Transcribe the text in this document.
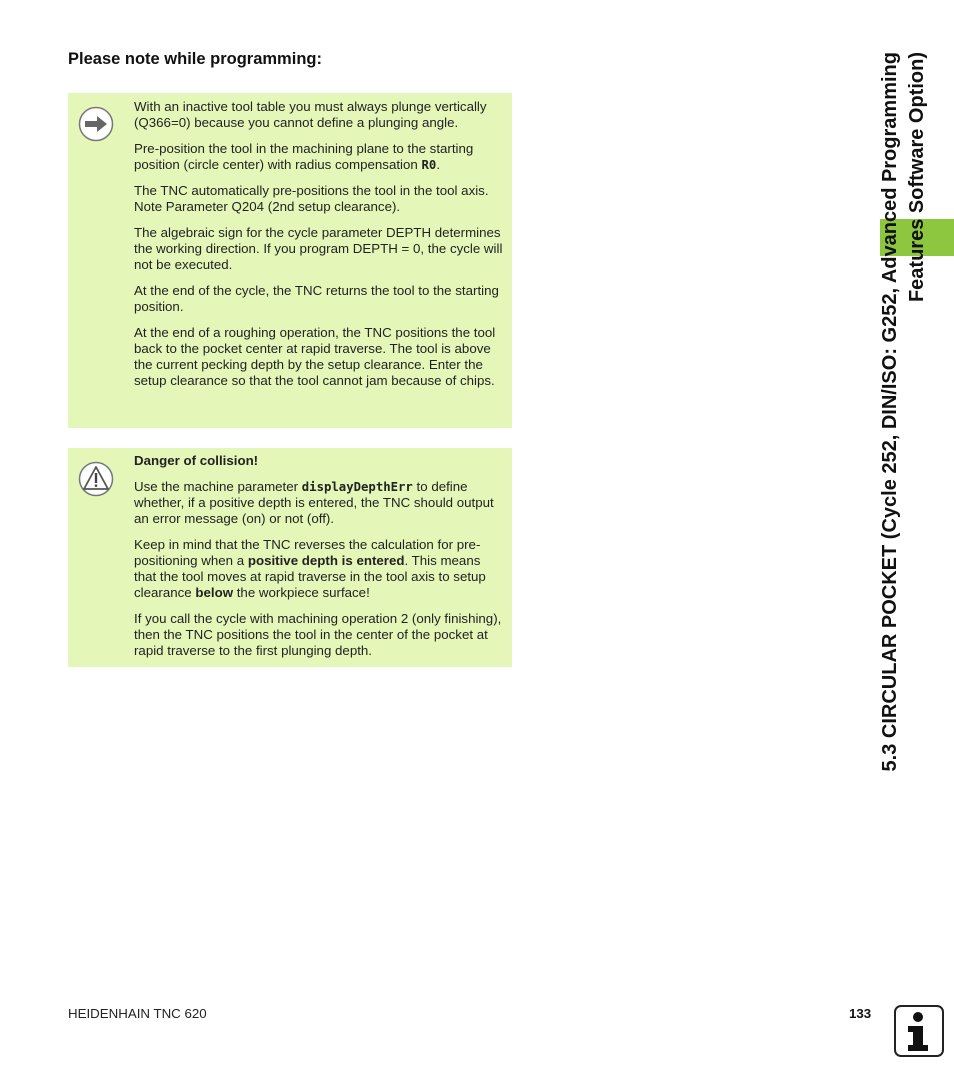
Please note while programming:

With an inactive tool table you must always plunge vertically (Q366=0) because you cannot define a plunging angle.

Pre-position the tool in the machining plane to the starting position (circle center) with radius compensation R0.

The TNC automatically pre-positions the tool in the tool axis. Note Parameter Q204 (2nd setup clearance).

The algebraic sign for the cycle parameter DEPTH determines the working direction. If you program DEPTH = 0, the cycle will not be executed.

At the end of the cycle, the TNC returns the tool to the starting position.

At the end of a roughing operation, the TNC positions the tool back to the pocket center at rapid traverse. The tool is above the current pecking depth by the setup clearance. Enter the setup clearance so that the tool cannot jam because of chips.

Danger of collision!

Use the machine parameter displayDepthErr to define whether, if a positive depth is entered, the TNC should output an error message (on) or not (off).

Keep in mind that the TNC reverses the calculation for pre-positioning when a positive depth is entered. This means that the tool moves at rapid traverse in the tool axis to setup clearance below the workpiece surface!

If you call the cycle with machining operation 2 (only finishing), then the TNC positions the tool in the center of the pocket at rapid traverse to the first plunging depth.	5.3 CIRCULAR POCKET (Cycle 252, DIN/ISO: G252, Advanced Programming Features Software Option)
HEIDENHAIN TNC 620	133
